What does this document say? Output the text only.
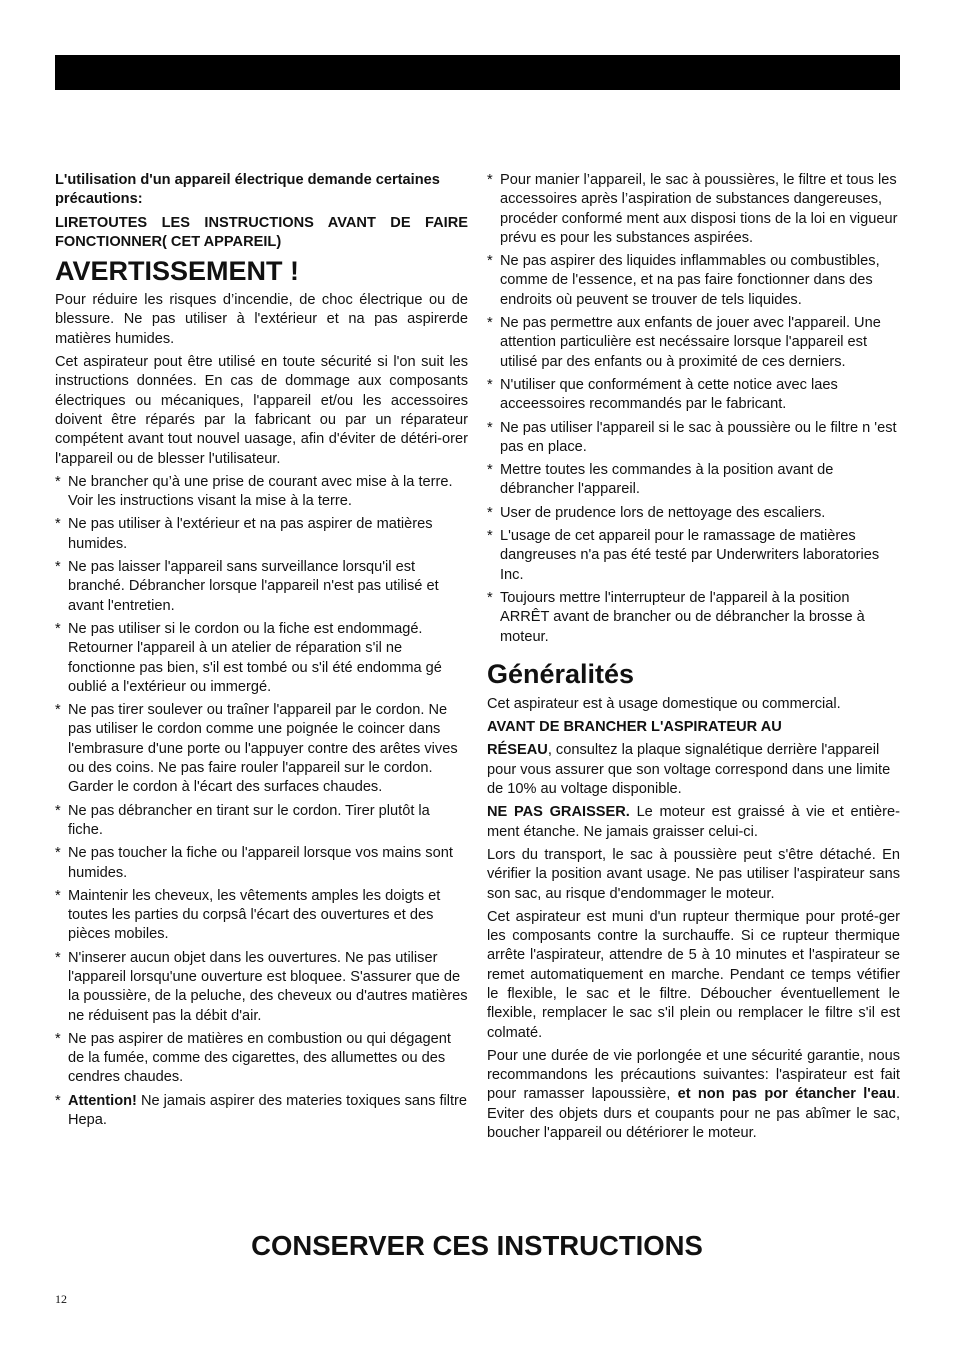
L'utilisation d'un appareil électrique demande certaines précautions:

LIRETOUTES LES INSTRUCTIONS AVANT DE FAIRE FONCTIONNER( CET APPAREIL)

AVERTISSEMENT !

Pour réduire les risques d’incendie, de choc électrique ou de blessure. Ne pas utiliser à l'extérieur et na pas aspirerde matières humides.

Cet aspirateur pout être utilisé en toute sécurité si l'on suit les instructions données. En cas de dommage aux composants électriques ou mécaniques, l'appareil et/ou les accessoires doivent être réparés par la fabricant ou par un réparateur compétent avant tout nouvel uasage, afin d'éviter de détéri-orer l'appareil ou de blesser l'utilisateur.

* Ne brancher qu’à une prise de courant avec mise à la terre. Voir les instructions visant la mise à la terre.
* Ne pas utiliser à l'extérieur et na pas aspirer de matières humides.
* Ne pas laisser l'appareil sans surveillance lorsqu'il est branché. Débrancher lorsque l'appareil n'est pas utilisé et avant l'entretien.
* Ne pas utiliser si le cordon ou la fiche est endommagé. Retourner l'appareil à un atelier de réparation s'il ne fonctionne pas bien, s'il est tombé ou s'il été endomma gé oublié a l'extérieur ou immergé.
* Ne pas tirer soulever ou traîner l'appareil par le cordon. Ne pas utiliser le cordon comme une poignée le coincer dans l'embrasure d'une porte ou l'appuyer contre des arêtes vives ou des coins. Ne pas faire rouler l'appareil sur le cordon. Garder le cordon à l'écart des surfaces chaudes.
* Ne pas débrancher en tirant sur le cordon. Tirer plutôt la fiche.
* Ne pas toucher la fiche ou l'appareil lorsque vos mains sont humides.
* Maintenir les cheveux, les vêtements amples les doigts et toutes les parties du corpsâ l'écart des ouvertures et des pièces mobiles.
* N'inserer aucun objet dans les ouvertures. Ne pas utiliser l'appareil lorsqu'une ouverture est bloquee. S'assurer que de la poussière, de la peluche, des cheveux ou d'autres matières ne réduisent pas la débit d'air.
* Ne pas aspirer de matières en combustion ou qui dégagent de la fumée, comme des cigarettes, des allumettes ou des cendres chaudes.
* Attention! Ne jamais aspirer des materies toxiques sans filtre Hepa.
* Pour manier l’appareil, le sac à poussières, le filtre et tous les accessoires après l’aspiration de substances dangereuses, procéder conformé ment aux disposi tions de la loi en vigueur prévu es pour les substances aspirées.
* Ne pas aspirer des liquides inflammables ou combustibles, comme de l'essence, et na pas faire fonctionner dans des endroits où peuvent se trouver de tels liquides.
* Ne pas permettre aux enfants de jouer avec l'appareil. Une attention particulière est necéssaire lorsque l'appareil est utilisé par des enfants ou à proximité de ces derniers.
* N'utiliser que conformément à cette notice avec laes acceessoires recommandés par le fabricant.
* Ne pas utiliser l'appareil si le sac à poussière ou le filtre n 'est pas en place.
* Mettre toutes les commandes à la position avant de débrancher l'appareil.
* User de prudence lors de nettoyage des escaliers.
* L'usage de cet appareil pour le ramassage de matières dangreuses n'a pas été testé par Underwriters laboratories Inc.
* Toujours mettre l'interrupteur de l'appareil à la position ARRÊT avant de brancher ou de débrancher la brosse à moteur.
Généralités

Cet aspirateur est à usage domestique ou commercial.

AVANT DE BRANCHER L'ASPIRATEUR AU

RÉSEAU, consultez la plaque signalétique derrière l'appareil pour vous assurer que son voltage correspond dans une limite de 10% au voltage disponible.

NE PAS GRAISSER. Le moteur est graissé à vie et entière-ment étanche. Ne jamais graisser celui-ci.

Lors du transport, le sac à poussière peut s'être détaché. En vérifier la position avant usage. Ne pas utiliser l'aspirateur sans son sac, au risque d'endommager le moteur.

Cet aspirateur est muni d'un rupteur thermique pour proté-ger les composants contre la surchauffe. Si ce rupteur thermique arrête l'aspirateur, attendre de 5 à 10 minutes et l'aspirateur se remet automatiquement en marche. Pendant ce temps vétifier le flexible, le sac et le filtre. Déboucher éventuellement le flexible, remplacer le sac s'il plein ou remplacer le filtre s'il est colmaté.

Pour une durée de vie porlongée et une sécurité garantie, nous recommandons les précautions suivantes: l'aspirateur est fait pour ramasser lapoussière, et non pas por étancher l'eau. Eviter des objets durs et coupants pour ne pas abîmer le sac, boucher l'appareil ou détériorer le moteur.

CONSERVER CES INSTRUCTIONS
12
